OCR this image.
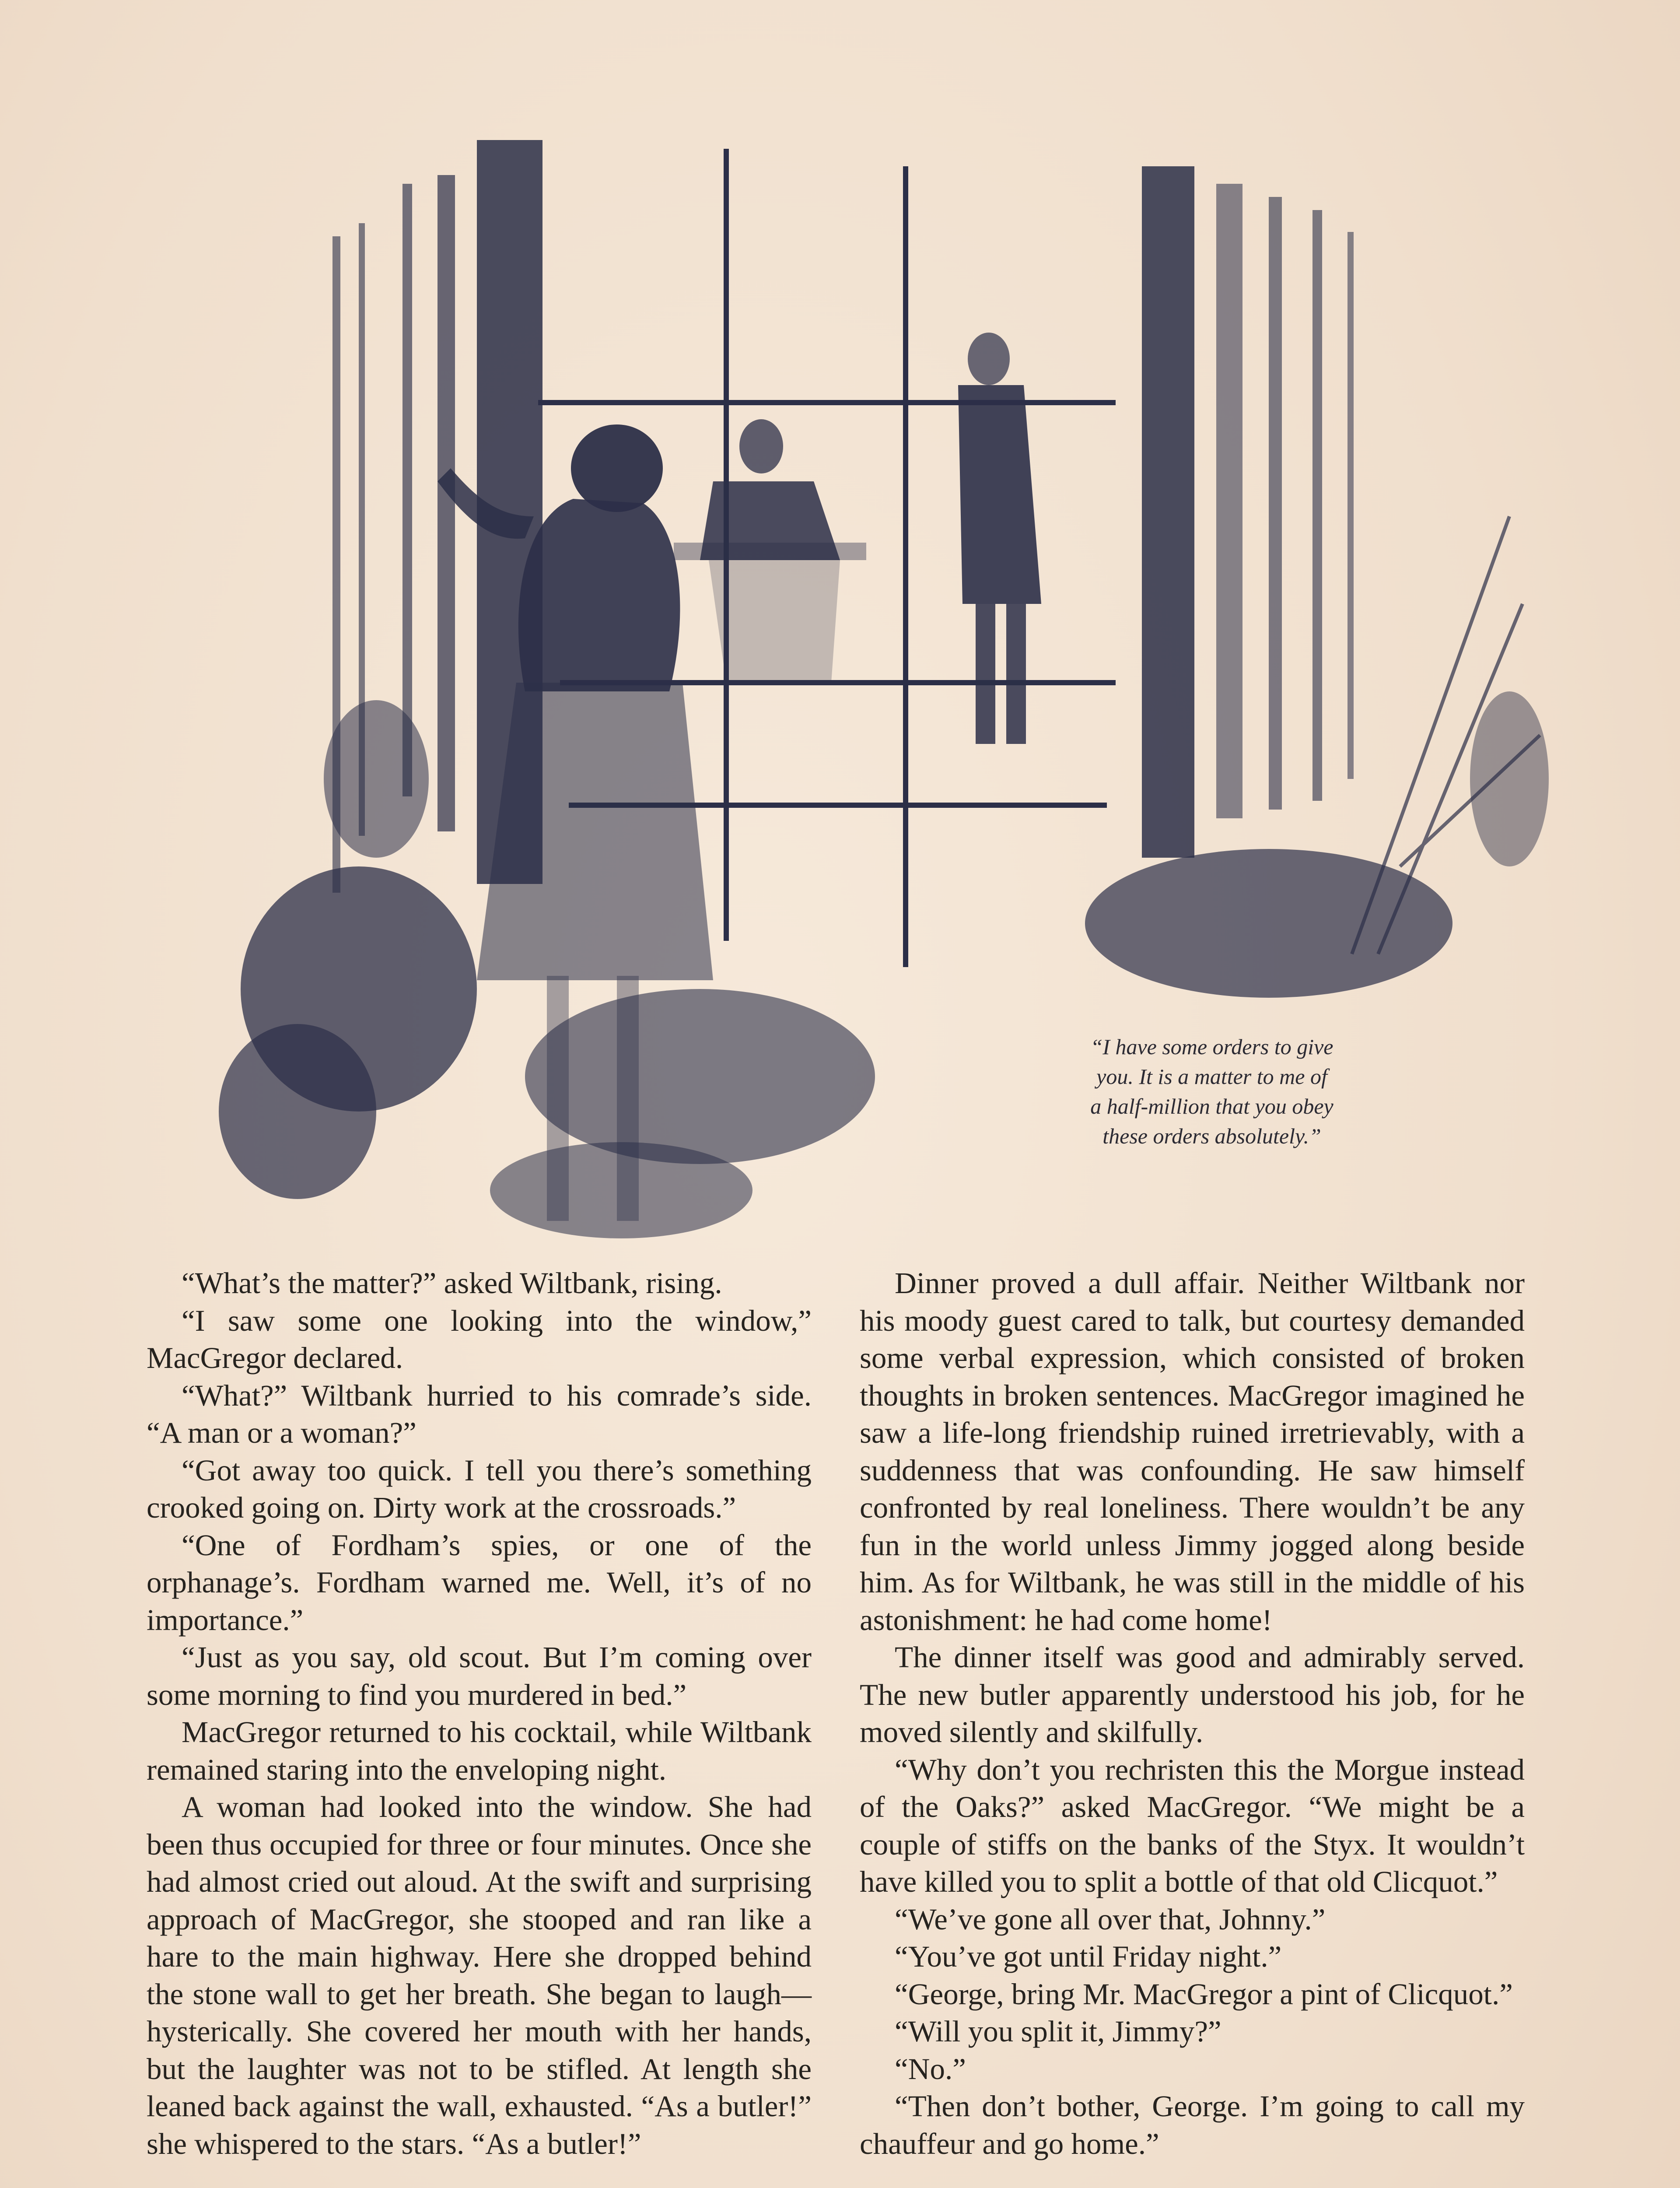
“I have some orders to give
you. It is a matter to me of
a half-million that you obey
these orders absolutely.”

“What’s the matter?” asked Wiltbank, rising.

“I saw some one looking into the window,” MacGregor declared.

“What?” Wiltbank hurried to his comrade’s side. “A man or a woman?”

“Got away too quick. I tell you there’s something crooked going on. Dirty work at the crossroads.”

“One of Fordham’s spies, or one of the orphanage’s. Fordham warned me. Well, it’s of no importance.”

“Just as you say, old scout. But I’m coming over some morning to find you murdered in bed.”

MacGregor returned to his cocktail, while Wiltbank remained staring into the enveloping night.

A woman had looked into the window. She had been thus occupied for three or four minutes. Once she had almost cried out aloud. At the swift and surprising approach of MacGregor, she stooped and ran like a hare to the main highway. Here she dropped behind the stone wall to get her breath. She began to laugh—hysterically. She covered her mouth with her hands, but the laughter was not to be stifled. At length she leaned back against the wall, exhausted. “As a butler!” she whispered to the stars. “As a butler!”

Dinner proved a dull affair. Neither Wiltbank nor his moody guest cared to talk, but courtesy demanded some verbal expression, which consisted of broken thoughts in broken sentences. MacGregor imagined he saw a life-long friendship ruined irretrievably, with a suddenness that was confounding. He saw himself confronted by real loneliness. There wouldn’t be any fun in the world unless Jimmy jogged along beside him. As for Wiltbank, he was still in the middle of his astonishment: he had come home!

The dinner itself was good and admirably served. The new butler apparently understood his job, for he moved silently and skilfully.

“Why don’t you rechristen this the Morgue instead of the Oaks?” asked MacGregor. “We might be a couple of stiffs on the banks of the Styx. It wouldn’t have killed you to split a bottle of that old Clicquot.”

“We’ve gone all over that, Johnny.”

“You’ve got until Friday night.”

“George, bring Mr. MacGregor a pint of Clicquot.”

“Will you split it, Jimmy?”

“No.”

“Then don’t bother, George. I’m going to call my chauffeur and go home.”
